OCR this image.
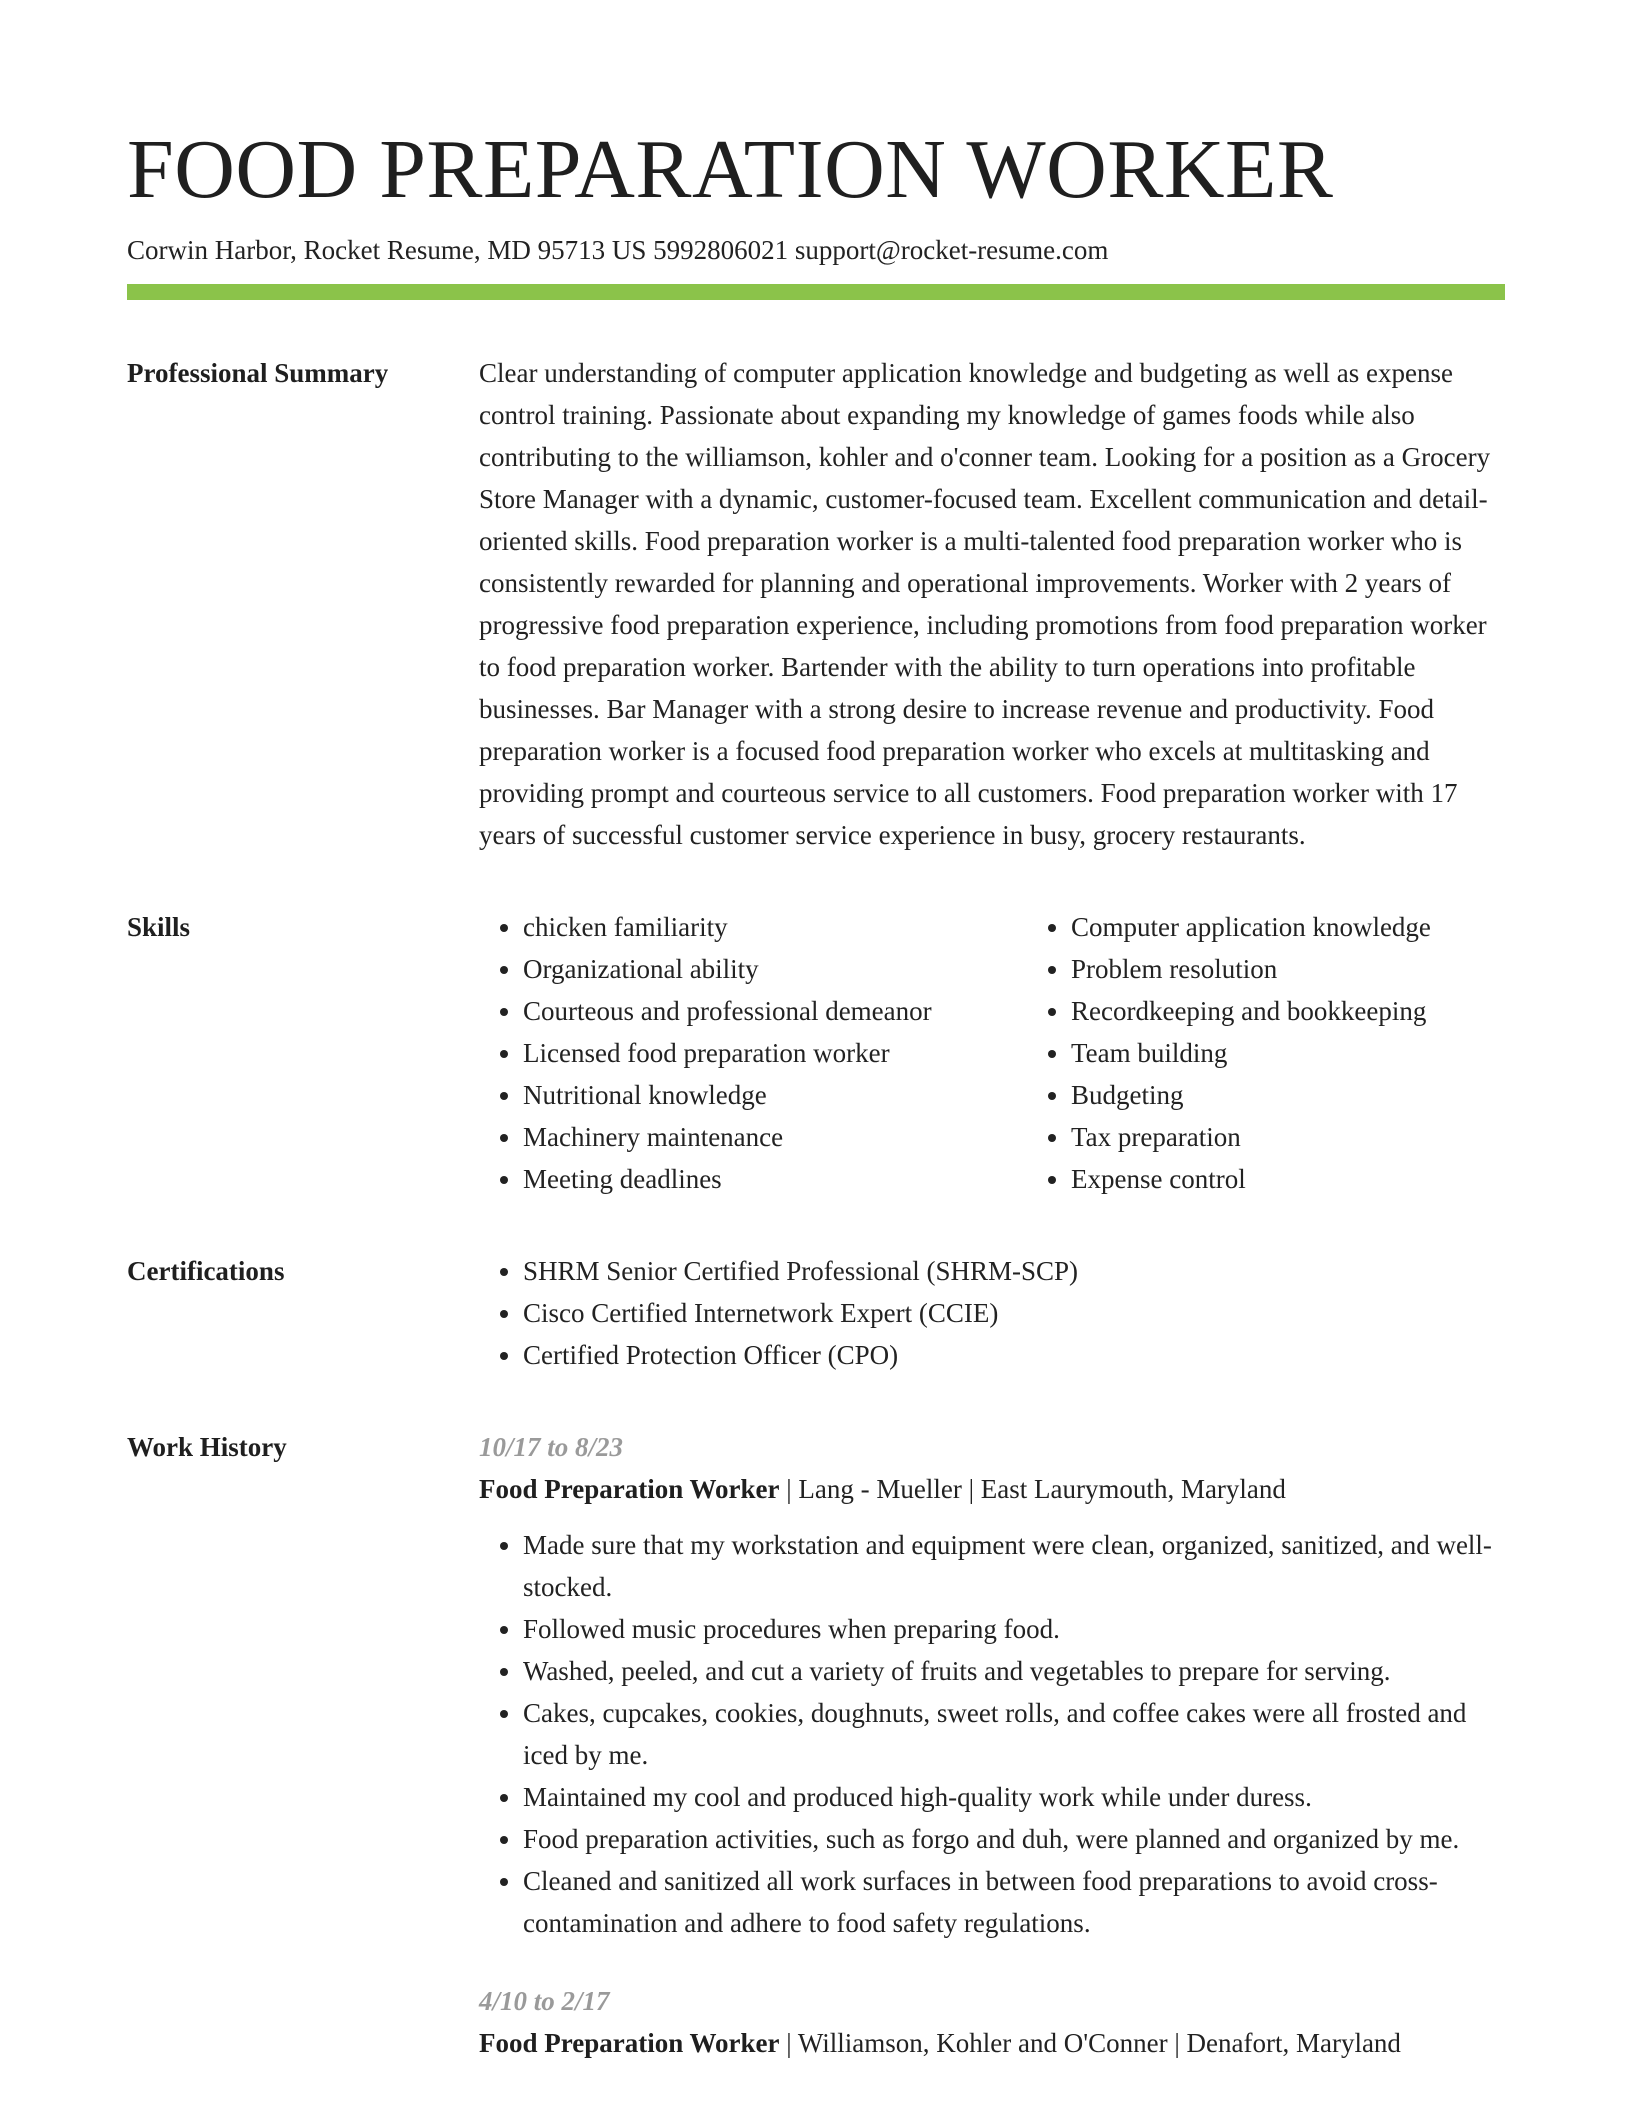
FOOD PREPARATION WORKER
Corwin Harbor, Rocket Resume, MD 95713 US 5992806021 support@rocket-resume.com
Professional Summary	Clear understanding of computer application knowledge and budgeting as well as expense control training. Passionate about expanding my knowledge of games foods while also contributing to the williamson, kohler and o'conner team. Looking for a position as a Grocery Store Manager with a dynamic, customer-focused team. Excellent communication and detail-oriented skills. Food preparation worker is a multi-talented food preparation worker who is consistently rewarded for planning and operational improvements. Worker with 2 years of progressive food preparation experience, including promotions from food preparation worker to food preparation worker. Bartender with the ability to turn operations into profitable businesses. Bar Manager with a strong desire to increase revenue and productivity. Food preparation worker is a focused food preparation worker who excels at multitasking and providing prompt and courteous service to all customers. Food preparation worker with 17 years of successful customer service experience in busy, grocery restaurants.

Skills	• chicken familiarity
• Organizational ability
• Courteous and professional demeanor
• Licensed food preparation worker
• Nutritional knowledge
• Machinery maintenance
• Meeting deadlines
• Computer application knowledge
• Problem resolution
• Recordkeeping and bookkeeping
• Team building
• Budgeting
• Tax preparation
• Expense control
Certifications	• SHRM Senior Certified Professional (SHRM-SCP)
• Cisco Certified Internetwork Expert (CCIE)
• Certified Protection Officer (CPO)
Work History	10/17 to 8/23
Food Preparation Worker | Lang - Mueller | East Laurymouth, Maryland
• Made sure that my workstation and equipment were clean, organized, sanitized, and well-stocked.
• Followed music procedures when preparing food.
• Washed, peeled, and cut a variety of fruits and vegetables to prepare for serving.
• Cakes, cupcakes, cookies, doughnuts, sweet rolls, and coffee cakes were all frosted and iced by me.
• Maintained my cool and produced high-quality work while under duress.
• Food preparation activities, such as forgo and duh, were planned and organized by me.
• Cleaned and sanitized all work surfaces in between food preparations to avoid cross-contamination and adhere to food safety regulations.
4/10 to 2/17
Food Preparation Worker | Williamson, Kohler and O'Conner | Denafort, Maryland
